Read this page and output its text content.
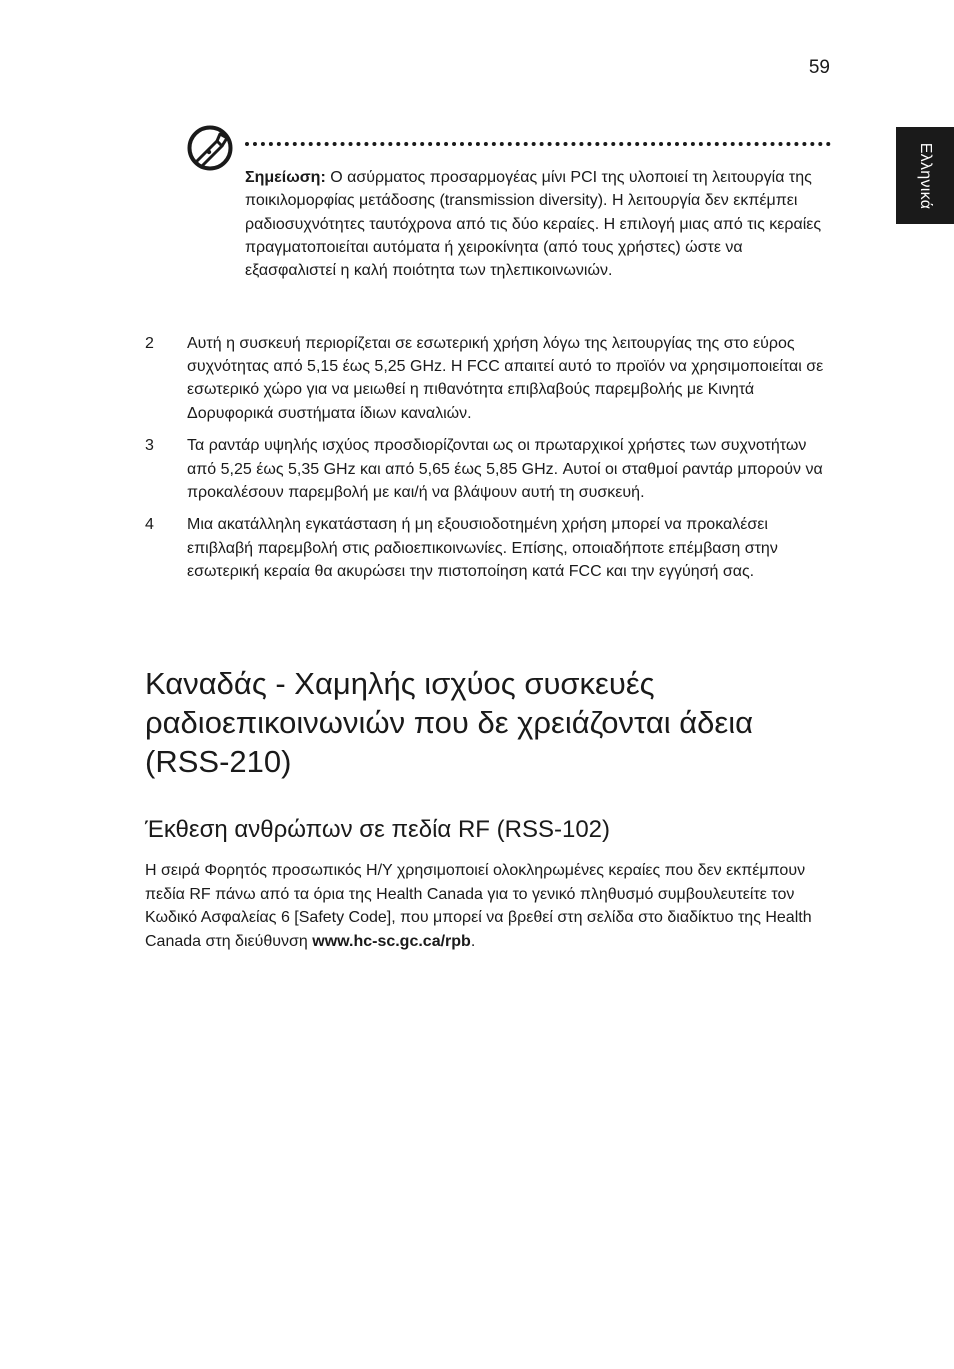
59
Ελληνικά

Σημείωση: Ο ασύρματος προσαρμογέας μίνι PCI της υλοποιεί τη λειτουργία της ποικιλομορφίας μετάδοσης (transmission diversity). Η λειτουργία δεν εκπέμπει ραδιοσυχνότητες ταυτόχρονα από τις δύο κεραίες. Η επιλογή μιας από τις κεραίες πραγματοποιείται αυτόματα ή χειροκίνητα (από τους χρήστες) ώστε να εξασφαλιστεί η καλή ποιότητα των τηλεπικοινωνιών.

2 Αυτή η συσκευή περιορίζεται σε εσωτερική χρήση λόγω της λειτουργίας της στο εύρος συχνότητας από 5,15 έως 5,25 GHz. Η FCC απαιτεί αυτό το προϊόν να χρησιμοποιείται σε εσωτερικό χώρο για να μειωθεί η πιθανότητα επιβλαβούς παρεμβολής με Κινητά Δορυφορικά συστήματα ίδιων καναλιών.
3 Τα ραντάρ υψηλής ισχύος προσδιορίζονται ως οι πρωταρχικοί χρήστες των συχνοτήτων από 5,25 έως 5,35 GHz και από 5,65 έως 5,85 GHz. Αυτοί οι σταθμοί ραντάρ μπορούν να προκαλέσουν παρεμβολή με και/ή να βλάψουν αυτή τη συσκευή.
4 Μια ακατάλληλη εγκατάσταση ή μη εξουσιοδοτημένη χρήση μπορεί να προκαλέσει επιβλαβή παρεμβολή στις ραδιοεπικοινωνίες. Επίσης, οποιαδήποτε επέμβαση στην εσωτερική κεραία θα ακυρώσει την πιστοποίηση κατά FCC και την εγγύησή σας.
Καναδάς - Χαμηλής ισχύος συσκευές ραδιοεπικοινωνιών που δε χρειάζονται άδεια (RSS-210)
Έκθεση ανθρώπων σε πεδία RF (RSS-102)

Η σειρά Φορητός προσωπικός Η/Υ χρησιμοποιεί ολοκληρωμένες κεραίες που δεν εκπέμπουν πεδία RF πάνω από τα όρια της Health Canada για το γενικό πληθυσμό συμβουλευτείτε τον Κωδικό Ασφαλείας 6 [Safety Code], που μπορεί να βρεθεί στη σελίδα στο διαδίκτυο της Health Canada στη διεύθυνση www.hc-sc.gc.ca/rpb.
